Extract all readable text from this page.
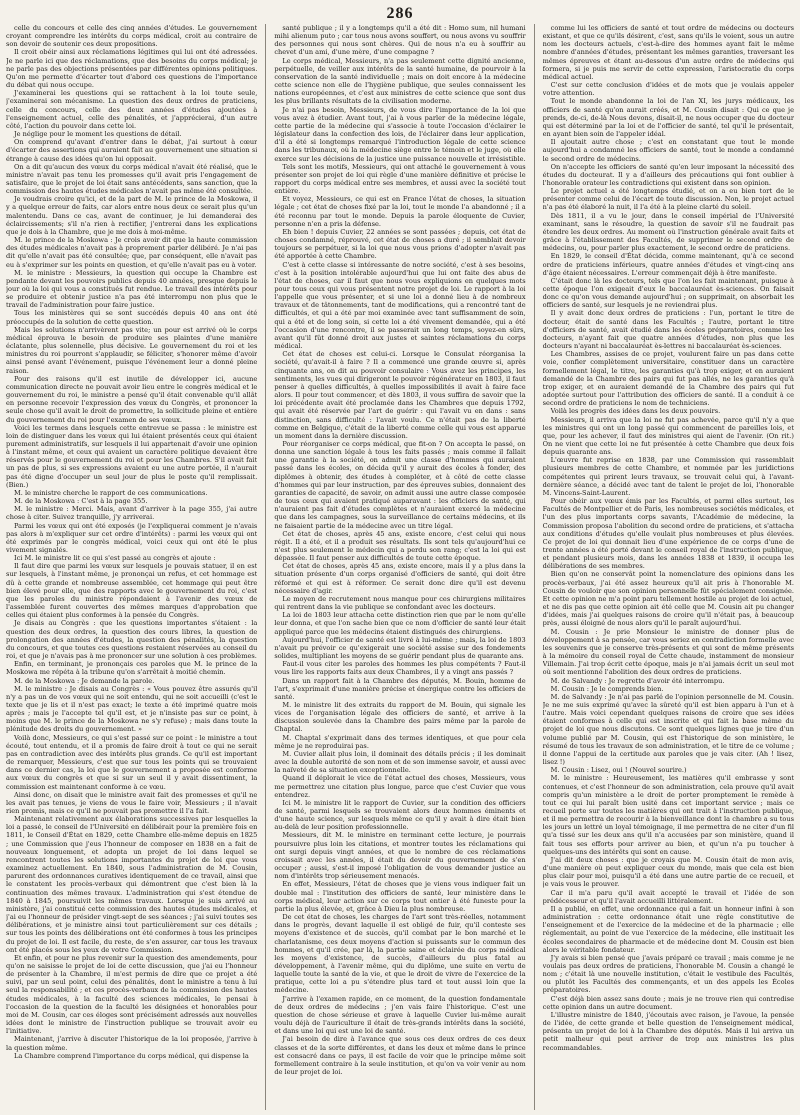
286

celle du concours et celle des cinq années d'études. Le gouvernement croyant comprendre les intérêts du corps médical, croit au contraire de son devoir de soutenir ces deux propositions.

Il croit obéir ainsi aux réclamations légitimes qui lui ont été adressées. Je ne parle ici que des réclamations, que des besoins du corps médical; je ne parle pas des objections présentées par différentes opinions politiques. Qu'on me permette d'écarter tout d'abord ces questions de l'importance du débat qui nous occupe.

J'examinerai les questions qui se rattachent à la loi toute seule, j'examinerai son mécanisme. La question des deux ordres de praticiens, celle du concours, celle des deux années d'études ajoutées à l'enseignement actuel, celle des pénalités, et j'apprécierai, d'un autre côté, l'action du pouvoir dans cette loi.

Je néglige pour le moment les questions de détail.

On comprend qu'avant d'entrer dans le débat, j'ai surtout à cœur d'écarter des assertions qui auraient fait au gouvernement une situation si étrange à cause des idées qu'on lui opposait.

On a dit qu'aucun des vœux du corps médical n'avait été réalisé, que le ministre n'avait pas tenu les promesses qu'il avait pris l'engagement de satisfaire, que le projet de loi était sans antécédents, sans sanction, que la commission des hautes études médicales n'avait pas même été consultée.

Je voudrais croire qu'ici, et de la part de M. le prince de la Moskowa, il y a quelque erreur de faits, car alors entre nous deux ce serait plus qu'un malentendu. Dans ce cas, avant de continuer, je lui demanderai des éclaircissements; s'il n'a rien à rectifier, j'entrerai dans les explications que je dois à la Chambre, que je me dois à moi-même.

M. le prince de la Moskowa : Je crois avoir dit que la haute commission des études médicales n'avait pas à proprement parler délibéré. Je n'ai pas dit qu'elle n'avait pas été consultée; que, par conséquent, elle n'avait pas eu à s'exprimer sur les points en question, et qu'elle n'avait pas eu à voter.

M. le ministre : Messieurs, la question qui occupe la Chambre est pendante devant les pouvoirs publics depuis 40 années, presque depuis le jour où la loi qui vous a constitués fut rendue. Le travail des intérêts pour se produire et obtenir justice n'a pas été interrompu non plus que le travail de l'administration pour faire justice.

Tous les ministères qui se sont succédés depuis 40 ans ont été préoccupés de la solution de cette question.

Mais les solutions n'arrivèrent pas vite; un pour est arrivé où le corps médical éprouva le besoin de produire ses plaintes d'une manière éclatante, plus solennelle, plus décisive. Le gouvernement du roi et les ministres du roi pourront s'applaudir, se féliciter, s'honorer même d'avoir ainsi pensé avant l'événement, puisque l'événement leur a donné pleine raison.

Pour des raisons qu'il est inutile de développer ici, aucune communication directe ne pouvait avoir lieu entre le congrès médical et le gouvernement du roi, le ministre a pensé qu'il était convenable qu'il allât en personne recevoir l'expression des vœux du Congrès, et prononcer la seule chose qu'il avait le droit de promettre, la sollicitude pleine et entière du gouvernement du roi pour l'examen de ses vœux.

Voici les termes dans lesquels cette entrevue se passa : le ministre est loin de distinguer dans les vœux qui lui étaient présentés ceux qui étaient purement administratifs, sur lesquels il lui appartenait d'avoir une opinion à l'instant même, et ceux qui avaient un caractère politique devaient être réservés pour le gouvernement du roi et pour les Chambres. S'il avait fait un pas de plus, si ses expressions avaient eu une autre portée, il n'aurait pas été digne d'occuper un seul jour de plus le poste qu'il remplissait. (Bien.)

M. le ministre cherche le rapport de ces communications.

M. de la Moskowa : C'est à la page 355.

M. le ministre : Merci. Mais, avant d'arriver à la page 355, j'ai autre chose à citer. Suivez tranquille, j'y arriverai.

Parmi les vœux qui ont été exposés (je l'expliquerai comment je n'avais pas alors à m'expliquer sur cet ordre d'intérêts) : parmi les vœux qui ont été exprimés par le congrès médical, voici ceux qui ont été le plus vivement signalés.

Ici M. le ministre lit ce qui s'est passé au congrès et ajoute :

Il faut dire que parmi les vœux sur lesquels je pouvais statuer, il en est sur lesquels, à l'instant même, je prononçai un refus, et cet hommage est dû à cette grande et nombreuse assemblée, cet hommage qui peut être bien élevé pour elle, que des rapports avec le gouvernement du roi, c'est que les paroles du ministre répondaient à l'avenir des vœux de l'assemblée furent couvertes des mêmes marques d'approbation que celles qui étaient plus conformes à la pensée du Congrès.

Je disais au Congrès : que les questions importantes s'étaient : la question des deux ordres, la question des cours libres, la question de prolongation des années d'études, la question des pénalités, la question du concours, et que toutes ces questions restaient réservées au conseil du roi, et que je n'avais pas à me prononcer sur une solution à ces problèmes.

Enfin, en terminant, je prononçais ces paroles que M. le prince de la Moskowa me répéta à la tribune qu'on s'arrêtait à moitié chemin.

M. de la Moskowa : Je demande la parole.

M. le ministre : Je disais au Congrès : « Vous pouvez être assurés qu'il n'y a pas un de vos vœux qui ne soit entendu, qui ne soit accueilli (c'est le texte que je lis et il n'est pas exact; le texte a été imprimé quatre mois après ; mais je l'accepte tel qu'il est, et je n'insiste pas sur ce point, à moins que M. le prince de la Moskowa ne s'y refuse) ; mais dans toute la plénitude des droits du gouvernement. »

Voilà donc, Messieurs, ce qui s'est passé sur ce point : le ministre a tout écouté, tout entendu, et il a promis de faire droit à tout ce qui ne serait pas en contradiction avec des intérêts plus grands. Ce qu'il est important de remarquer, Messieurs, c'est que sur tous les points qui se trouvaient dans ce dernier cas, la loi que le gouvernement a proposée est conforme aux vœux du congrès et que si sur un seul il y avait dissentiment, la commission est maintenant conforme à ce vœu.

Ainsi donc, on disait que le ministre avait fait des promesses et qu'il ne les avait pas tenues, je viens de vous le faire voir, Messieurs ; il n'avait rien promis, mais ce qu'il ne pouvait pas promettre il l'a fait.

Maintenant relativement aux élaborations successives par lesquelles la loi a passé, le conseil de l'Université en délibérait pour la première fois en 1811, le Conseil d'État en 1829, cette Chambre elle-même depuis en 1825 ; une Commission que j'eus l'honneur de composer en 1838 en a fait de nouveaux longuement, et adopta un projet de loi dans lequel se rencontrent toutes les solutions importantes du projet de loi que vous examinez actuellement. En 1840, sous l'administration de M. Cousin, parurent des ordonnances curatives identiquement de ce travail, ainsi que le constatent les procès-verbaux qui démontrent que c'est bien là la continuation des mêmes travaux. L'administration qui s'est étendue de 1840 à 1845, poursuivit les mêmes travaux. Lorsque je suis arrivé au ministère, j'ai constitué cette commission des hautes études médicales, et j'ai eu l'honneur de présider vingt-sept de ses séances ; j'ai suivi toutes ses délibérations, et je ministre ainsi tout particulièrement sur ces détails ; sur tous les points des délibérations ont été conformes à tous les principes du projet de loi. Il est facile, du reste, de s'en assurer, car tous les travaux ont été placés sous les yeux de votre Commission.

Et enfin, et pour ne plus revenir sur la question des amendements, pour qu'on ne saisisse le projet de loi de cette discussion, que j'ai eu l'honneur de présenter à la Chambre, il m'est permis de dire que ce projet a été suivi, par un seul point, celui des pénalités, dont le ministre a tenu à lui seul la responsabilité ; et ces procès-verbaux de la commission des hautes études médicales, à la faculté des sciences médicales, le pensai à l'occasion de la question de la faculté les désignées et honorables pour moi de M. Cousin, car ces éloges sont précisément adressés aux nouvelles idées dont le ministre de l'instruction publique se trouvait avoir eu l'initiative.

Maintenant, j'arrive à discuter l'historique de la loi proposée, j'arrive à la question même.

La Chambre comprend l'importance du corps médical, qui dispense la

santé publique ; il y a longtemps qu'il a été dit : Homo sum, nil humani mihi alienum puto ; car tous nous avons souffert, ou nous avons vu souffrir des personnes qui nous sont chères. Qui de nous n'a eu à souffrir au chevet d'un ami, d'une mère, d'une compagne ?

Le corps médical, Messieurs, n'a pas seulement cette dignité ancienne, perpétuelle, de veiller aux intérêts de la santé humaine, de pourvoir à la conservation de la santé individuelle ; mais on doit encore à la médecine cette science non elle de l'hygiène publique, que seules connaissent les nations européennes, et c'est aux ministres de cette science que sont dus les plus brillants résultats de la civilisation moderne.

Je n'ai pas besoin, Messieurs, de vous dire l'importance de la loi que vous avez à étudier. Avant tout, j'ai à vous parler de la médecine légale, cette partie de la médecine qui s'associe à toute l'occasion d'éclairer le législateur dans la confection des lois, de l'éclairer dans leur application, d'il a été si longtemps remarqué l'introduction légale de cette science dans les tribunaux, où la médecine siège entre le témoin et le juge, où elle exerce sur les décisions de la justice une puissance nouvelle et irrésistible.

Tels sont les motifs, Messieurs, qui ont attaché le gouvernement à vous présenter son projet de loi qui règle d'une manière définitive et précise le rapport du corps médical entre ses membres, et aussi avec la société tout entière.

Et voyez, Messieurs, ce qui est en France l'état de choses, la situation légale ; cet état de choses fixé par la loi, tout le monde l'a abandonné ; il a été reconnu par tout le monde. Depuis la parole éloquente de Cuvier, personne n'en a pris la défense.

Eh bien ! depuis Cuvier, 22 années se sont passées ; depuis, cet état de choses condamné, réprouvé, cet état de choses a duré ; il semblait devoir toujours se perpétuer, si la loi que nous vous prions d'adopter n'avait pas été apportée à cette Chambre.

C'est à cette classe si intéressante de notre société, c'est à ses besoins, c'est à la position intolérable aujourd'hui que lui ont faite des abus de l'état de choses, car il faut que nous vous expliquions en quelques mots pour tous ceux qui vous présentent notre projet de loi. Le rapport à la loi l'appelle que vous présenter, et si une loi a donné lieu à de nombreux travaux et de tâtonnements, tant de modifications, qui a rencontré tant de difficultés, et qui a été par moi examinée avec tant suffisamment de soin, qui a été et de long soin, si cette loi a été vivement demandée, qui a été l'occasion d'une rencontre, il se passerait un long temps, soyez-en sûrs, avant qu'il fût donné droit aux justes et saintes réclamations du corps médical.

Cet état de choses est celui-ci. Lorsque le Consulat réorganisa la société, qu'avait-il à faire ? Il a commencé une grande œuvre si, après cinquante ans, on dit au pouvoir consulaire : Vous avez les principes, les sentiments, les vues qui dirigeront le pouvoir régénérateur en 1803, il faut penser à quelles difficultés, à quelles impossibilités il avait à faire face alors. Il pour tout commencer, et dès 1803, il vous suffira de savoir que la loi précédente avait été proclamée dans les Chambres que depuis 1792, qui avait été réservée par l'art de guérir : qui l'avait vu en dans : sans distinction, sans difficulté : l'avait voulu. Ce n'était pas de la liberté comme en Belgique, c'était de la liberté comme celle qui vous est apparue un moment dans la dernière discussion.

Pour réorganiser ce corps médical, que fit-on ? On accepta le passé, on donna une sanction légale à tous les faits passés ; mais comme il fallait une garantie à la société, on admit une classe d'hommes qui auraient passé dans les écoles, on décida qu'il y aurait des écoles à fonder, des diplômes à obtenir, des études à compléter, et à côté de cette classe d'hommes qui par leur instruction, par des épreuves subies, donnaient des garanties de capacité, de savoir, on admit aussi une autre classe composée de tous ceux qui avaient pratiqué auparavant : les officiers de santé, qui n'auraient pas fait d'études complètes et n'auraient exercé la médecine que dans les campagnes, sous la surveillance de certains médecins, et ils ne faisaient partie de la médecine avec un titre légal.

Cet état de choses, après 45 ans, existe encore, c'est celui qui nous régit. Il a été, et il a produit ses résultats. Ils sont tels qu'aujourd'hui ce n'est plus seulement le médecin qui a perdu son rang; c'est la loi qui est dépassée. Il faut penser aux difficultés de toute cette époque.

Cet état de choses, après 45 ans, existe encore, mais il y a plus dans la situation présente d'un corps organisé d'officiers de santé, qui doit être réformé et qui est à réformer. Ce serait donc dire qu'il est devenu nécessaire d'agir.

Le moyen de recrutement nous manque pour ces chirurgiens militaires qui rentrent dans la vie publique se confondant avec les docteurs.

La loi de 1803 leur attacha cette distinction rien que par le nom qu'elle leur donna, et que l'on sache bien que ce nom d'officier de santé leur était appliqué parce que les médecins étaient distingués des chirurgiens.

Aujourd'hui, l'officier de santé est livré à lui-même ; mais, la loi de 1803 n'avait pu prévoir ce qu'exigerait une société assise sur des fondements solides, multipliant les moyens de se guérir pendant plus de quarante ans.

Faut-il vous citer les paroles des hommes les plus compétents ? Faut-il vous lire les rapports faits aux deux Chambres, il y a vingt ans passés ?

Dans un rapport fait à la Chambre des députés, M. Bouin, homme de l'art, s'exprimait d'une manière précise et énergique contre les officiers de santé.

M. le ministre lit des extraits du rapport de M. Bouin, qui signale les vices de l'organisation légale des officiers de santé, et arrive à la discussion soulevée dans la Chambre des pairs même par la parole de Chaptal.

M. Chaptal s'exprimait dans des termes identiques, et que pour cela même je ne reproduirai pas.

M. Cuvier allait plus loin, il dominait des détails précis ; il les dominait avec la double autorité de son nom et de son immense savoir, et aussi avec la naïveté de sa situation exceptionnelle.

Quand il déplorait le vice de l'état actuel des choses, Messieurs, vous me permettrez une citation plus longue, parce que c'est Cuvier que vous entendrez.

Ici M. le ministre lit le rapport de Cuvier, sur la condition des officiers de santé, parmi lesquels se trouvaient alors deux hommes éminents et d'une haute science, sur lesquels même ce qu'il y avait à dire était bien au-delà de leur position professionnelle.

Messieurs, dit M. le ministre en terminant cette lecture, je pourrais poursuivre plus loin les citations, et montrer toutes les réclamations qui ont surgi depuis vingt années, et que le nombre de ces réclamations croissait avec les années, il était du devoir du gouvernement de s'en occuper ; aussi, s'est-il imposé l'obligation de vous demander justice au nom d'intérêts trop sérieusement menacés.

En effet, Messieurs, l'état de choses que je viens vous indiquer fait un double mal : l'institution des officiers de santé, leur ministère dans le corps médical, leur action sur ce corps tout entier à été funeste pour la partie la plus élevée, et, grâce à Dieu la plus nombreuse.

De cet état de choses, les charges de l'art sont très-réelles, notamment dans le progrès, devant laquelle il est obligé de fuir, qu'il conteste ses moyens d'existence et de succès, qu'il combat par le bon marché et le charlatanisme, ces deux moyens d'action si puissants sur le commun des hommes, et qu'il crée, par là, la partie saine et éclairée du corps médical les moyens d'existence, de succès, d'ailleurs du plus fatal au développement, à l'avenir même, qui du diplôme, une suite en vertu de laquelle toute la santé de la vie, et que le droit de vivre de l'exercice de la pratique, cette loi a pu s'étendre plus tard et tout aussi loin que la médecine.

J'arrive à l'examen rapide, en ce moment, de la question fondamentale de deux ordres de médecins ; j'en vais faire l'historique. C'est une question de chose sérieuse et grave à laquelle Cuvier lui-même aurait voulu déjà de l'auriculture il était de très-grands intérêts dans la société, et dans une loi qui est une loi de santé.

J'ai besoin de dire à l'avance que sous ces deux ordres de ces deux classes et de la sorte différentes, et dans les deux et même dans le prince est consacré dans ce pays, il est facile de voir que le principe même soit formellement contraire à la seule institution, et qu'on va voir venir au nom de leur projet de loi.

comme lui les officiers de santé et tout ordre de médecins ou docteurs existant, et que ce qu'ils désirent, c'est, sans qu'ils le voient, sous un autre nom les docteurs actuels, c'est-à-dire des hommes ayant fait le même nombre d'années d'études, présentant les mêmes garanties, traversant les mêmes épreuves et étant au-dessous d'un autre ordre de médecins qui formera, si je puis me servir de cette expression, l'aristocratie du corps médical actuel.

C'est sur cette conclusion d'idées et de mots que je voulais appeler votre attention.

Tout le monde abandonne la loi de l'an XI, les jurys médicaux, les officiers de santé qu'on aurait créés, et M. Cousin disait : Qui ce que je prends, de-ci, de-là Nous devons, disait-il, ne nous occuper que du docteur qui est déterminé par la loi et de l'officier de santé, tel qu'il le présentait, en ayant bien soin de l'appeler idéal.

Il ajoutait autre chose ; c'est en constatant que tout le monde aujourd'hui a condamné les officiers de santé, tout le monde a condamné le second ordre de médecins.

On n'accepte les officiers de santé qu'en leur imposant la nécessité des études du docteurat. Il y a d'ailleurs des précautions qui font oublier à l'honorable orateur les contradictions qui existent dans son opinion.

Le projet actuel a été longtemps étudié, et on a eu bien tort de le présenter comme celui de l'écart de toute discussion. Non, le projet actuel n'a pas été élaboré la nuit, il l'a été à la pleine clarté du soleil.

Dès 1811, il a vu le jour, dans le conseil impérial de l'Université examinant, sans le résoudre, la question de savoir s'il ne faudrait pas étendre les deux ordres. Au moment où l'instruction générale avait faits et grâce à l'établissement des Facultés, de supprimer le second ordre de médecins, ou, pour parler plus exactement, le second ordre de praticiens.

En 1829, le conseil d'État décida, comme maintenant, qu'à ce second ordre de praticiens inférieurs, quatre années d'études et vingt-cinq ans d'âge étaient nécessaires. L'erreur commençait déjà à être manifeste.

C'était donc là les docteurs, tels que l'on les fait maintenant, puisque à cette époque l'on exigeait d'eux le baccalauréat ès-sciences. On faisait donc ce qu'on vous demande aujourd'hui ; on supprimait, on absorbait les officiers de santé, sur lesquels je ne reviendrai plus.

Il y avait donc deux ordres de praticiens : l'un, portant le titre de docteur, était de santé dans les Facultés ; l'autre, portant le titre d'officiers de santé, avait étudié dans les écoles préparatoires, comme les docteurs, n'ayant fait que quatre années d'études, non plus que les docteurs n'ayant ni baccalauréat ès-lettres ni baccalauréat ès-sciences.

Les Chambres, assises de ce projet, voulurent faire un pas dans cette voie, confier complètement universitaire, constituer dans un caractère formellement légal, le titre, les garanties qu'à trop exiger, et en auraient demandé de la Chambre des pairs qui fut pas allés, ne les garanties qu'à trop exiger, et en auraient demandé de la Chambre des pairs qui fut adoptée surtout pour l'attribution des officiers de santé. Il a conduit à ce second ordre de praticiens le nom de techniciens.

Voilà les progrès des idées dans les deux pouvoirs.

Messieurs, il arriva que la loi ne fut pas achevée, parce qu'il n'y a que les ministres qui ont un long passé qui commencent de pareilles lois, et que, pour les achever, il faut des ministres qui aient de l'avenir. (On rit.) On ne vient que cette loi ne fut présentée à cette Chambre que deux fois depuis quarante ans.

L'œuvre fut reprise en 1838, par une Commission qui rassemblait plusieurs membres de cette Chambre, et nommée par les juridictions compétentes qui prirent leurs travaux, se trouvait celui qui, à l'avant-dernière séance, a décidé avec tant de talent le projet de loi, l'honorable M. Vincens-Saint-Laurent.

Pour obéir aux vœux émis par les Facultés, et parmi elles surtout, les Facultés de Montpellier et de Paris, les nombreuses sociétés médicales, et l'un des plus importants corps savants, l'Académie de médecine, la Commission proposa l'abolition du second ordre de praticiens, et s'attacha aux conditions d'études qu'elle voulait plus nombreuses et plus élevées. Ce projet de loi qui donnait lieu d'une expérience de ce corps d'une de trente années a été porté devant le conseil royal de l'instruction publique, et pendant plusieurs mois, dans les années 1838 et 1839, il occupa les délibérations de ses membres.

Bien qu'on ne conservât point la nomenclature des opinions dans les procès-verbaux, j'ai été assez heureux qu'il ait pris à l'honorable M. Cousin de vouloir que son opinion personnelle fût spécialement consignée. Et cette opinion ne m'a point paru tellement hostile au projet de loi actuel, et ne dis pas que cette opinion ait été celle que M. Cousin ait pu changer d'idées, mais j'ai quelques raisons de croire qu'il n'était pas, à beaucoup près, aussi éloigné de nous alors qu'il le paraît aujourd'hui.

M. Cousin : Je prie Monsieur le ministre de donner plus de développement à sa pensée, car vous seriez en contradiction formelle avec les souvenirs que je conserve très-présents et qui sont de même présents à la mémoire du conseil royal de Cette chaude, instamment de monsieur Villemain. J'ai trop écrit cette époque, mais je n'ai jamais écrit un seul mot où soit mentionné l'abolition des deux ordres de praticiens.

M. de Salvandy : Je regrette d'avoir été interrompu.

M. Cousin : Je le comprends bien.

M. de Salvandy : Je n'ai pas parlé de l'opinion personnelle de M. Cousin. Je ne me suis exprimé qu'avec la sûreté qu'il est bien apparu à l'un et à l'autre. Mais voici cependant quelques raisons de croire que ses idées étaient conformes à celle qui est inscrite et qui fait la base même du projet de loi que nous discutons. Ce sont quelques lignes que je tire d'un volume publié par M. Cousin, qui est l'historique de son ministère, le résumé de tous les travaux de son administration, et le titre de ce volume ; il donne l'appui de la certitude aux paroles que je vais citer. (Ah ! lisez, lisez !)

M. Cousin : Lisez, oui ! (Nouvel sourire.)

M. le ministre : Heureusement, les matières qu'il embrasse y sont contenues, et c'est l'honneur de son administration, cela prouve qu'il avait compris qu'un ministère a le droit de porter promptement le remède à tout ce qui lui paraît bien usité dans cet important service ; mais ce recueil porte sur toutes les matières qui ont trait à l'instruction publique, et il me permettra de recourir à la bienveillance dont la chambre a su tous les jours un lettré un loyal témoignage, il me permettra de ne citer d'un fil qu'a tissé sur les deux ans qu'il n'a accusées par son ministère, quand il fait tous ses efforts pour arriver au bien, et qu'un n'a pu toucher à quelques-uns des intérêts qui sont en cause.

J'ai dit deux choses : que je croyais que M. Cousin était de mon avis, d'une manière où peut expliquer ceux du monde, mais que cela est bien plus clair pour moi, puisqu'il a été dans une autre partie de ce recueil, et je vais vous le prouver.

Car il m'a paru qu'il avait accepté le travail et l'idée de son prédécesseur et qu'il l'avait accueilli littéralement.

Il a publié, en effet, une ordonnance qui a fait un honneur infini à son administration : cette ordonnance était une règle constitutive de l'enseignement et de l'exercice de la médecine et de la pharmacie ; elle réglementait, au point de vue l'exercice de la médecine, elle instituait les écoles secondaires de pharmacie et de médecine dont M. Cousin est bien alors le véritable fondateur.

J'y avais si bien pensé que j'avais préparé ce travail ; mais comme je ne voulais pas deux ordres de praticiens, l'honorable M. Cousin a changé le nom ; c'était là une nouvelle institution, c'était le vestibule des Facultés, ou plutôt les Facultés des commençants, et un des appels les Écoles préparatoires.

C'est déjà bien assez sans doute ; mais je ne trouve rien qui contredise cette opinion dans un autre document.

L'illustre ministre de 1840, j'écoutais avec raison, je l'avoue, la pensée de l'idée, de cette grande et belle question de l'enseignement médical, présenta un projet de loi à la Chambre des députés. Mais il lui arriva un petit malheur qui peut arriver de trop aux ministres les plus recommandables.
